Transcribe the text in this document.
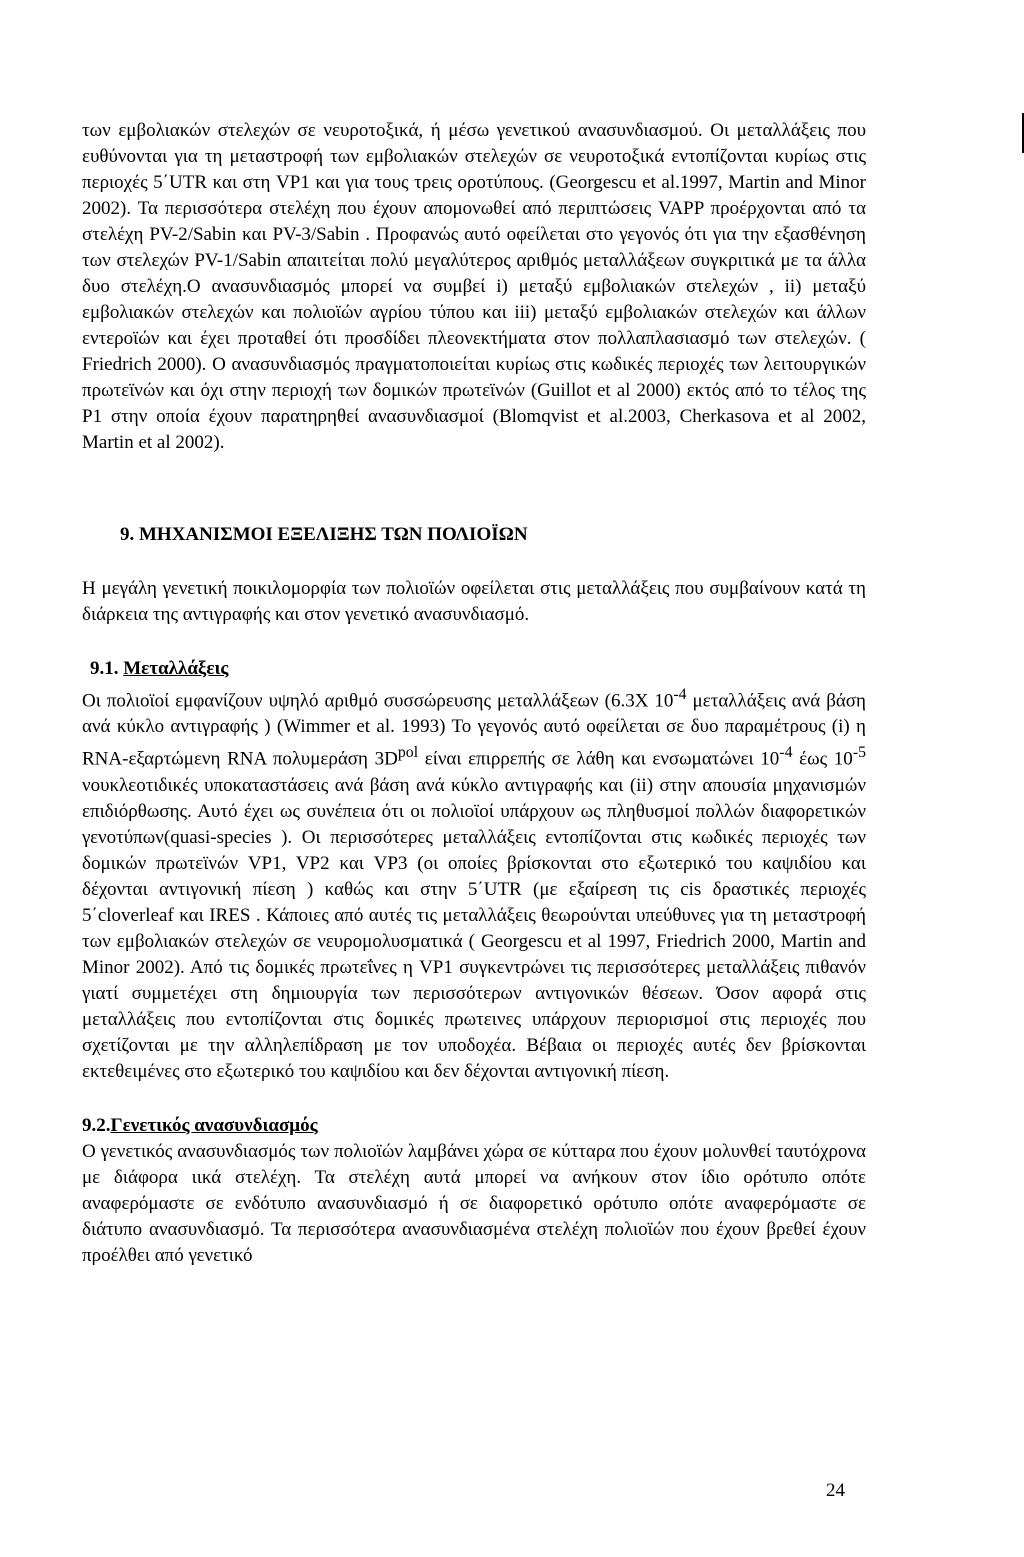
των εμβολιακών στελεχών σε νευροτοξικά, ή μέσω γενετικού ανασυνδιασμού. Οι μεταλλάξεις που ευθύνονται για τη μεταστροφή των εμβολιακών στελεχών σε νευροτοξικά εντοπίζονται κυρίως στις περιοχές 5΄UTR και στη VP1 και για τους τρεις οροτύπους. (Georgescu et al.1997, Martin and Minor 2002). Τα περισσότερα στελέχη που έχουν απομονωθεί από περιπτώσεις VAPP προέρχονται από τα στελέχη PV-2/Sabin και PV-3/Sabin . Προφανώς αυτό οφείλεται στο γεγονός ότι για την εξασθένηση των στελεχών PV-1/Sabin απαιτείται πολύ μεγαλύτερος αριθμός μεταλλάξεων συγκριτικά με τα άλλα δυο στελέχη.O ανασυνδιασμός μπορεί να συμβεί i) μεταξύ εμβολιακών στελεχών , ii) μεταξύ εμβολιακών στελεχών και πολιοϊών αγρίου τύπου και iii) μεταξύ εμβολιακών στελεχών και άλλων εντεροϊών και έχει προταθεί ότι προσδίδει πλεονεκτήματα στον πολλαπλασιασμό των στελεχών. ( Friedrich 2000). Ο ανασυνδιασμός πραγματοποιείται κυρίως στις κωδικές περιοχές των λειτουργικών πρωτεϊνών και όχι στην περιοχή των δομικών πρωτεϊνών (Guillot et al 2000) εκτός από το τέλος της P1 στην οποία έχουν παρατηρηθεί ανασυνδιασμοί (Blomqvist et al.2003, Cherkasova et al 2002, Martin et al 2002).

9. ΜΗΧΑΝΙΣΜΟΙ ΕΞΕΛΙΞΗΣ ΤΩΝ ΠΟΛΙΟΪΩΝ

Η μεγάλη γενετική ποικιλομορφία των πολιοϊών οφείλεται στις μεταλλάξεις που συμβαίνουν κατά τη διάρκεια της αντιγραφής και στον γενετικό ανασυνδιασμό.

9.1. Μεταλλάξεις

Οι πολιοϊοί εμφανίζουν υψηλό αριθμό συσσώρευσης μεταλλάξεων (6.3X $10^{-4}$ μεταλλάξεις ανά βάση ανά κύκλο αντιγραφής ) (Wimmer et al. 1993) Το γεγονός αυτό οφείλεται σε δυο παραμέτρους (i) η RNA-εξαρτώμενη RNA πολυμεράση $3D^{pol}$ είναι επιρρεπής σε λάθη και ενσωματώνει $10^{-4}$ έως $10^{-5}$ νουκλεοτιδικές υποκαταστάσεις ανά βάση ανά κύκλο αντιγραφής και (ii) στην απουσία μηχανισμών επιδιόρθωσης. Αυτό έχει ως συνέπεια ότι οι πολιοϊοί υπάρχουν ως πληθυσμοί πολλών διαφορετικών γενοτύπων(quasi-species ). Οι περισσότερες μεταλλάξεις εντοπίζονται στις κωδικές περιοχές των δομικών πρωτεϊνών VP1, VP2 και VP3 (οι οποίες βρίσκονται στο εξωτερικό του καψιδίου και δέχονται αντιγονική πίεση ) καθώς και στην 5΄UTR (με εξαίρεση τις cis δραστικές περιοχές 5΄cloverleaf και IRES . Κάποιες από αυτές τις μεταλλάξεις θεωρούνται υπεύθυνες για τη μεταστροφή των εμβολιακών στελεχών σε νευρομολυσματικά ( Georgescu et al 1997, Friedrich 2000, Martin and Minor 2002). Από τις δομικές πρωτεΐνες η VP1 συγκεντρώνει τις περισσότερες μεταλλάξεις πιθανόν γιατί συμμετέχει στη δημιουργία των περισσότερων αντιγονικών θέσεων. Όσον αφορά στις μεταλλάξεις που εντοπίζονται στις δομικές πρωτεινες υπάρχουν περιορισμοί στις περιοχές που σχετίζονται με την αλληλεπίδραση με τον υποδοχέα. Βέβαια οι περιοχές αυτές δεν βρίσκονται εκτεθειμένες στο εξωτερικό του καψιδίου και δεν δέχονται αντιγονική πίεση.

9.2.Γενετικός ανασυνδιασμός

Ο γενετικός ανασυνδιασμός των πολιοϊών λαμβάνει χώρα σε κύτταρα που έχουν μολυνθεί ταυτόχρονα με διάφορα ιικά στελέχη. Τα στελέχη αυτά μπορεί να ανήκουν στον ίδιο ορότυπο οπότε αναφερόμαστε σε ενδότυπο ανασυνδιασμό ή σε διαφορετικό ορότυπο οπότε αναφερόμαστε σε διάτυπο ανασυνδιασμό. Τα περισσότερα ανασυνδιασμένα στελέχη πολιοϊών που έχουν βρεθεί έχουν προέλθει από γενετικό

24
